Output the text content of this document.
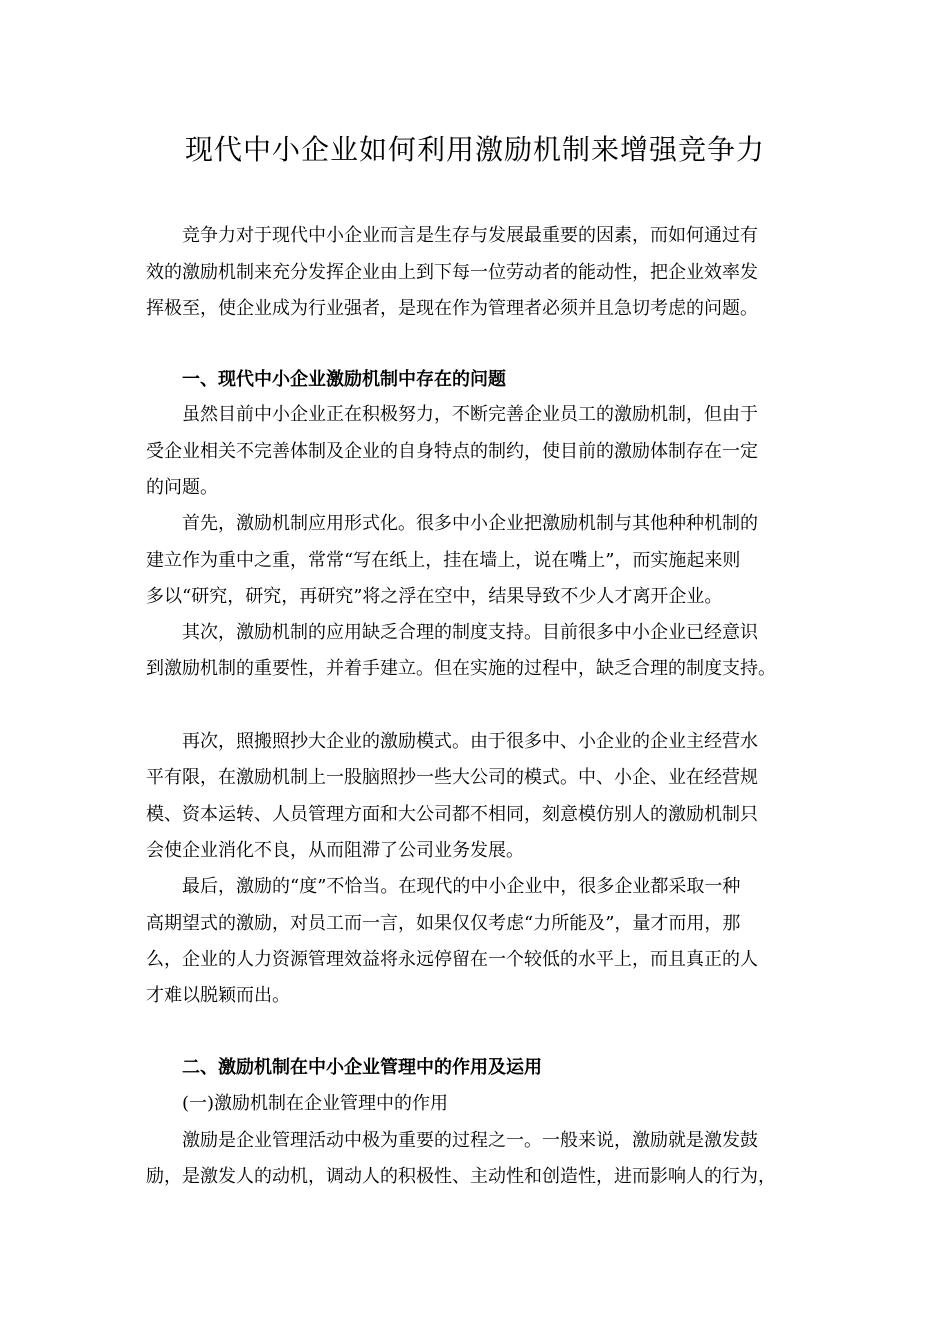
现代中小企业如何利用激励机制来增强竞争力
竞争力对于现代中小企业而言是生存与发展最重要的因素，而如何通过有
效的激励机制来充分发挥企业由上到下每一位劳动者的能动性，把企业效率发
挥极至，使企业成为行业强者，是现在作为管理者必须并且急切考虑的问题。
一、现代中小企业激励机制中存在的问题
虽然目前中小企业正在积极努力，不断完善企业员工的激励机制，但由于
受企业相关不完善体制及企业的自身特点的制约，使目前的激励体制存在一定
的问题。
首先，激励机制应用形式化。很多中小企业把激励机制与其他种种机制的
建立作为重中之重，常常“写在纸上，挂在墙上，说在嘴上”，而实施起来则
多以“研究，研究，再研究”将之浮在空中，结果导致不少人才离开企业。
其次，激励机制的应用缺乏合理的制度支持。目前很多中小企业已经意识
到激励机制的重要性，并着手建立。但在实施的过程中，缺乏合理的制度支持。
再次，照搬照抄大企业的激励模式。由于很多中、小企业的企业主经营水
平有限，在激励机制上一股脑照抄一些大公司的模式。中、小企、业在经营规
模、资本运转、人员管理方面和大公司都不相同，刻意模仿别人的激励机制只
会使企业消化不良，从而阻滞了公司业务发展。
最后，激励的“度”不恰当。在现代的中小企业中，很多企业都采取一种
高期望式的激励，对员工而一言，如果仅仅考虑“力所能及”，量才而用，那
么，企业的人力资源管理效益将永远停留在一个较低的水平上，而且真正的人
才难以脱颖而出。
二、激励机制在中小企业管理中的作用及运用
(一)激励机制在企业管理中的作用
激励是企业管理活动中极为重要的过程之一。一般来说，激励就是激发鼓
励，是激发人的动机，调动人的积极性、主动性和创造性，进而影响人的行为，
